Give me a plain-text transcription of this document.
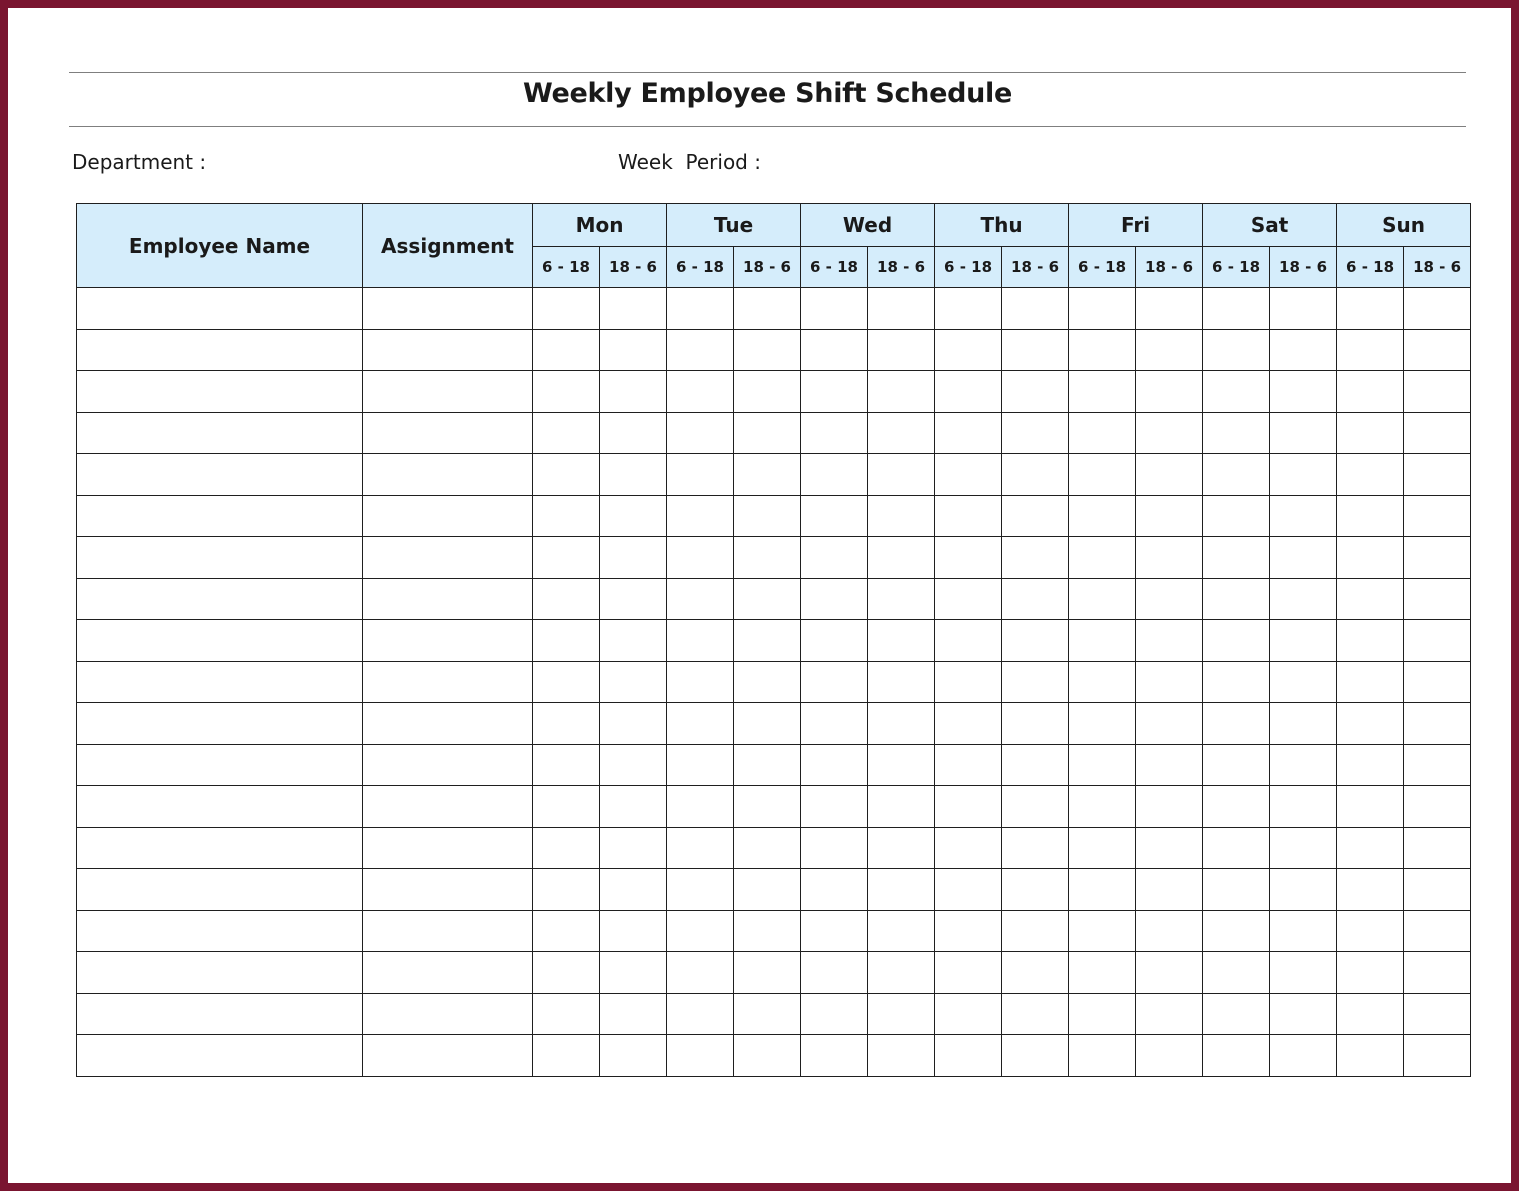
Weekly Employee Shift Schedule
Department :	Week  Period :
Employee Name	Assignment	Mon		Tue		Wed		Thu		Fri		Sat		Sun	
		6 - 18	18 - 6	6 - 18	18 - 6	6 - 18	18 - 6	6 - 18	18 - 6	6 - 18	18 - 6	6 - 18	18 - 6	6 - 18	18 - 6
